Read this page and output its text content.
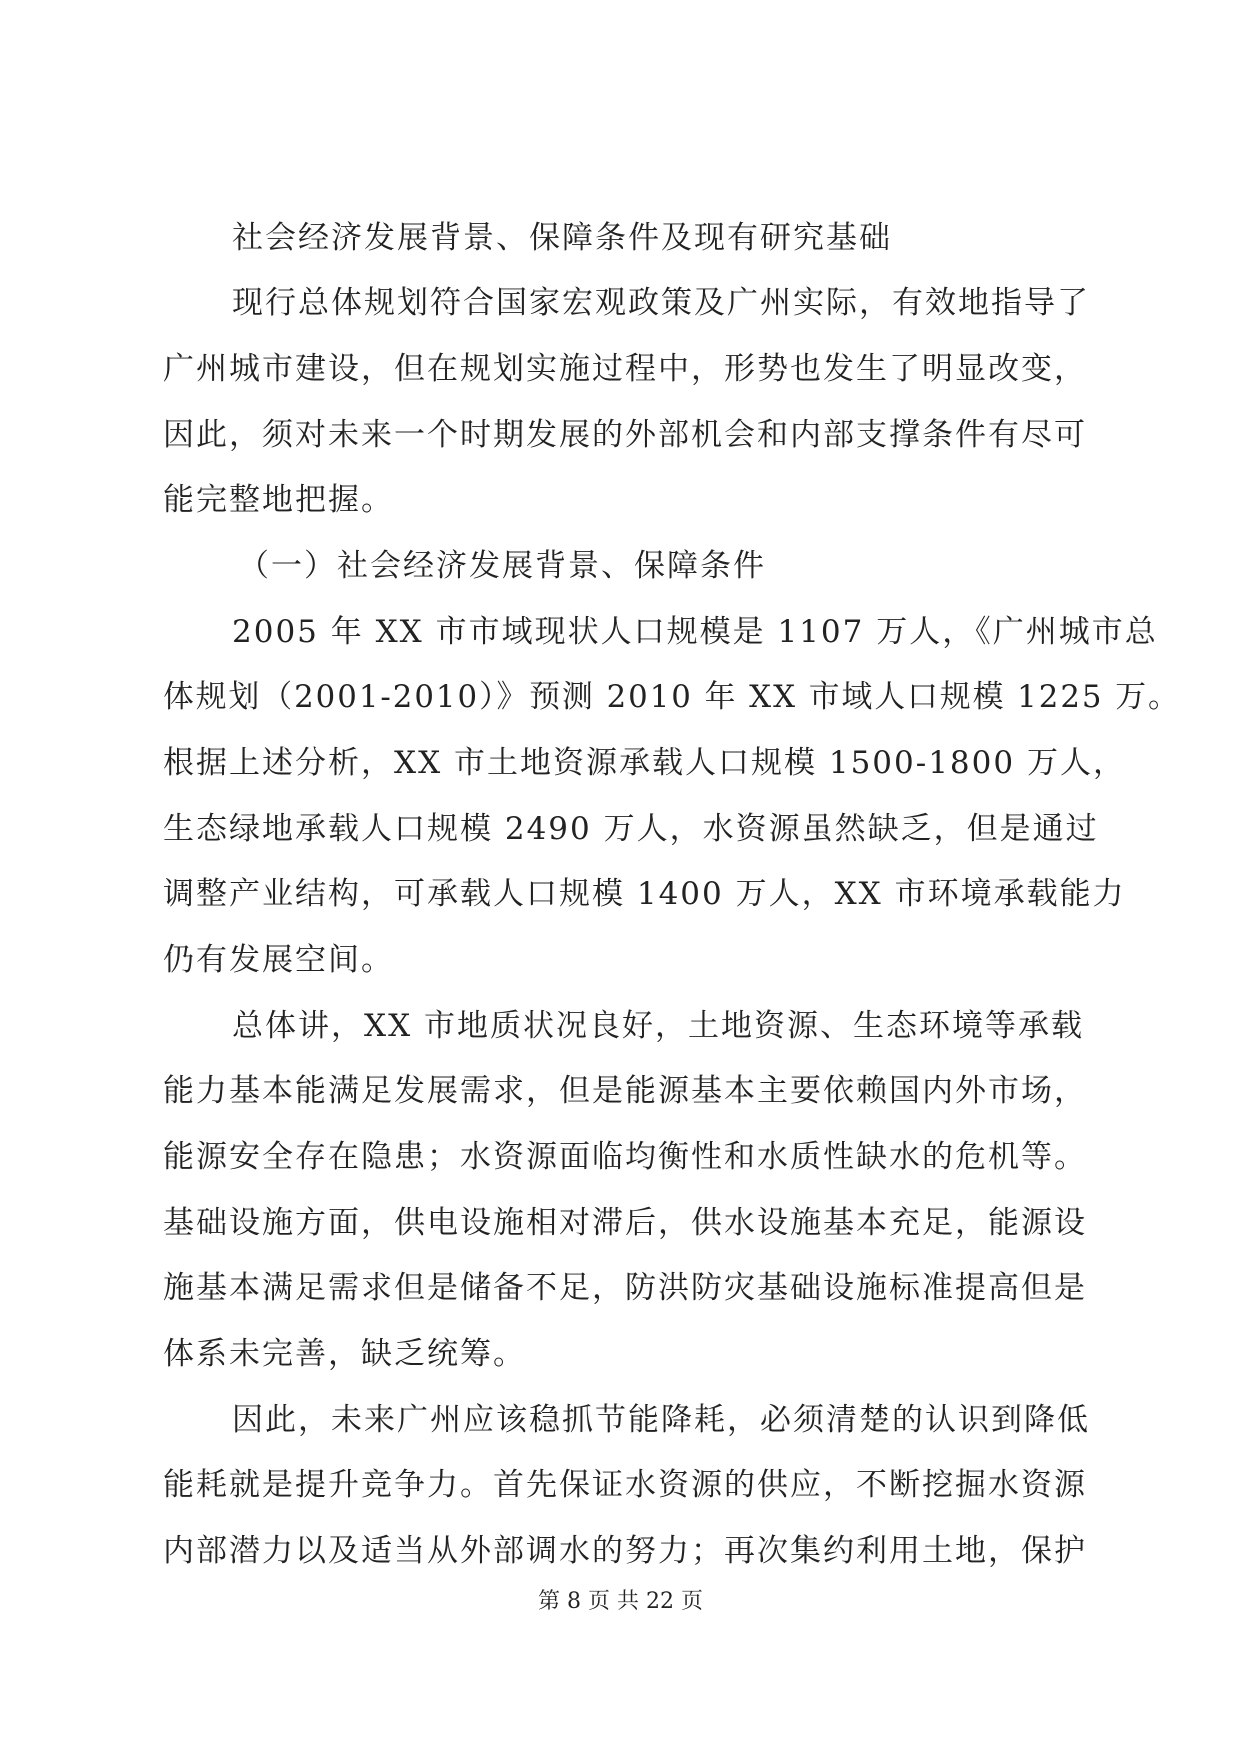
社会经济发展背景、保障条件及现有研究基础
现行总体规划符合国家宏观政策及广州实际，有效地指导了
广州城市建设，但在规划实施过程中，形势也发生了明显改变，
因此，须对未来一个时期发展的外部机会和内部支撑条件有尽可
能完整地把握。
（一）社会经济发展背景、保障条件
2005 年 XX 市市域现状人口规模是 1107 万人，《广州城市总
体规划（2001-2010）》预测 2010 年 XX 市域人口规模 1225 万。
根据上述分析，XX 市土地资源承载人口规模 1500-1800 万人，
生态绿地承载人口规模 2490 万人，水资源虽然缺乏，但是通过
调整产业结构，可承载人口规模 1400 万人，XX 市环境承载能力
仍有发展空间。
总体讲，XX 市地质状况良好，土地资源、生态环境等承载
能力基本能满足发展需求，但是能源基本主要依赖国内外市场，
能源安全存在隐患；水资源面临均衡性和水质性缺水的危机等。
基础设施方面，供电设施相对滞后，供水设施基本充足，能源设
施基本满足需求但是储备不足，防洪防灾基础设施标准提高但是
体系未完善，缺乏统筹。
因此，未来广州应该稳抓节能降耗，必须清楚的认识到降低
能耗就是提升竞争力。首先保证水资源的供应，不断挖掘水资源
内部潜力以及适当从外部调水的努力；再次集约利用土地，保护
第 8 页 共 22 页
